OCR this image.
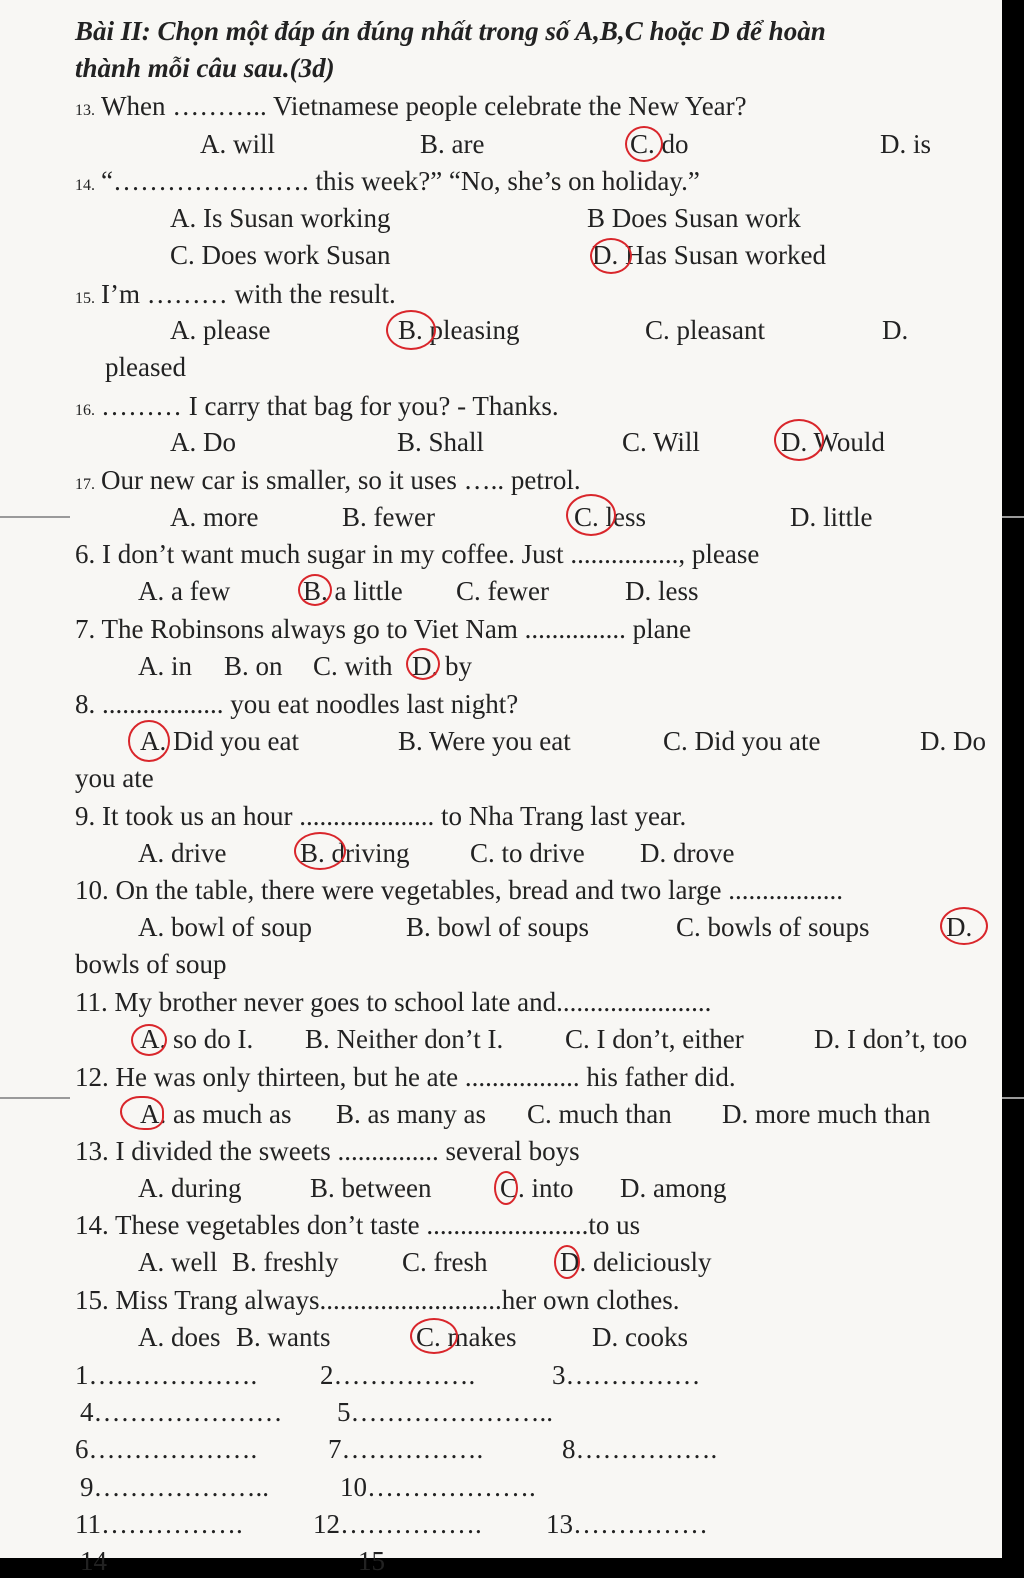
Bài II: Chọn một đáp án đúng nhất trong số A,B,C hoặc D để hoàn
thành mỗi câu sau.(3d)
13. When ……….. Vietnamese people celebrate the New Year?
A. will	B. are	C. do	D. is
14. “…………………. this week?” “No, she’s on holiday.”
A. Is Susan working	B Does Susan work
C. Does work Susan	D. Has Susan worked
15. I’m ……… with the result.
A. please	B. pleasing	C. pleasant	D.
pleased
16. ……… I carry that bag for you? - Thanks.
A. Do	B. Shall	C. Will	D. Would
17. Our new car is smaller, so it uses ….. petrol.
A. more	B. fewer	C. less	D. little
6. I don’t want much sugar in my coffee. Just ................, please
A. a few	B. a little C. fewer	D. less
7. The Robinsons always go to Viet Nam ............... plane
A. in B. on C. with D. by
8. .................. you eat noodles last night?
A. Did you eat	B. Were you eat	C. Did you ate	D. Do
you ate
9. It took us an hour .................... to Nha Trang last year.
A. drive	B. driving C. to drive D. drove
10. On the table, there were vegetables, bread and two large .................
A. bowl of soup	B. bowl of soups	C. bowls of soups	D.
bowls of soup
11. My brother never goes to school late and.......................
A. so do I. B. Neither don’t I. C. I don’t, either	D. I don’t, too
12. He was only thirteen, but he ate ................. his father did.
A. as much as B. as many as C. much than D. more much than
13. I divided the sweets ............... several boys
A. during	B. between	C. into D. among
14. These vegetables don’t taste ........................to us
A. well B. freshly C. fresh	D. deliciously
15. Miss Trang always...........................her own clothes.
A. does B. wants	C. makes	D. cooks
1………………. 2…………….	3……………
4………………… 5…………………..
6……………….	7…………….	8…………….
9………………..	10……………….
11…………….	12……………. 13……………
14	15
